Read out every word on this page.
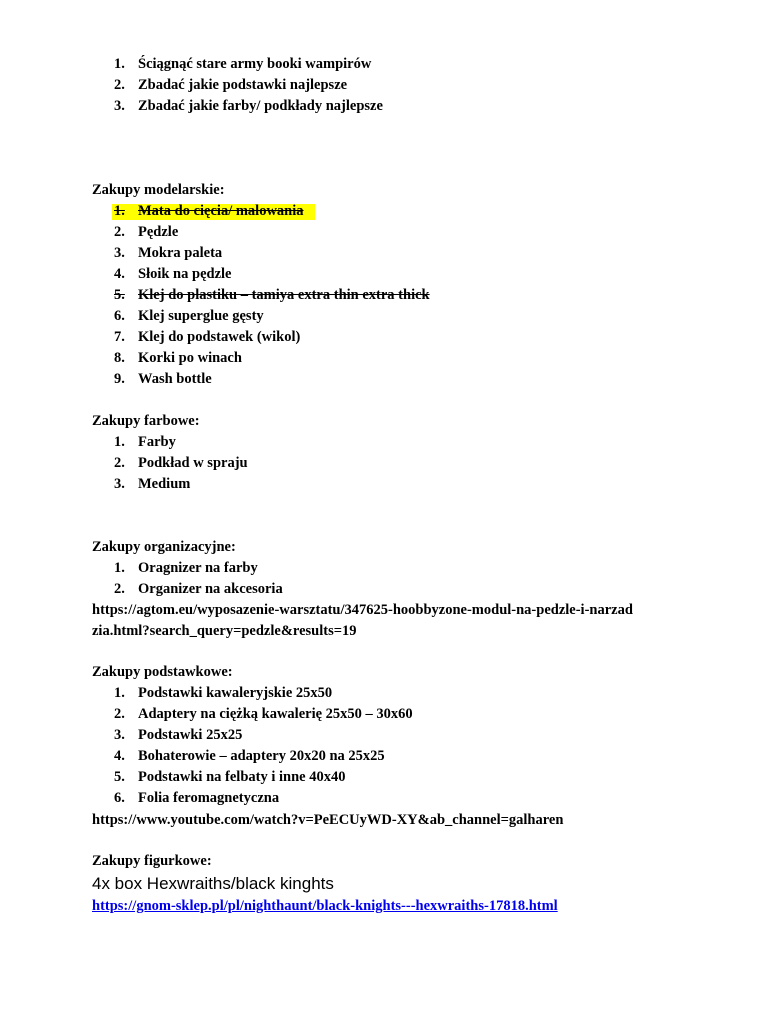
1. Ściągnąć stare army booki wampirów
2. Zbadać jakie podstawki najlepsze
3. Zbadać jakie farby/ podkłady najlepsze
Zakupy modelarskie:
1. Mata do cięcia/ malowania
2. Pędzle
3. Mokra paleta
4. Słoik na pędzle
5. Klej do plastiku – tamiya extra thin extra thick
6. Klej superglue gęsty
7. Klej do podstawek (wikol)
8. Korki po winach
9. Wash bottle
Zakupy farbowe:
1. Farby
2. Podkład w spraju
3. Medium
Zakupy organizacyjne:
1. Oragnizer na farby
2. Organizer na akcesoria
https://agtom.eu/wyposazenie-warsztatu/347625-hoobbyzone-modul-na-pedzle-i-narzadzia.html?search_query=pedzle&results=19
Zakupy podstawkowe:
1. Podstawki kawaleryjskie 25x50
2. Adaptery na ciężką kawalerię 25x50 – 30x60
3. Podstawki 25x25
4. Bohaterowie – adaptery 20x20 na 25x25
5. Podstawki na felbaty i inne 40x40
6. Folia feromagnetyczna
https://www.youtube.com/watch?v=PeECUyWD-XY&ab_channel=galharen
Zakupy figurkowe:
4x box Hexwraiths/black kinghts
https://gnom-sklep.pl/pl/nighthaunt/black-knights---hexwraiths-17818.html
